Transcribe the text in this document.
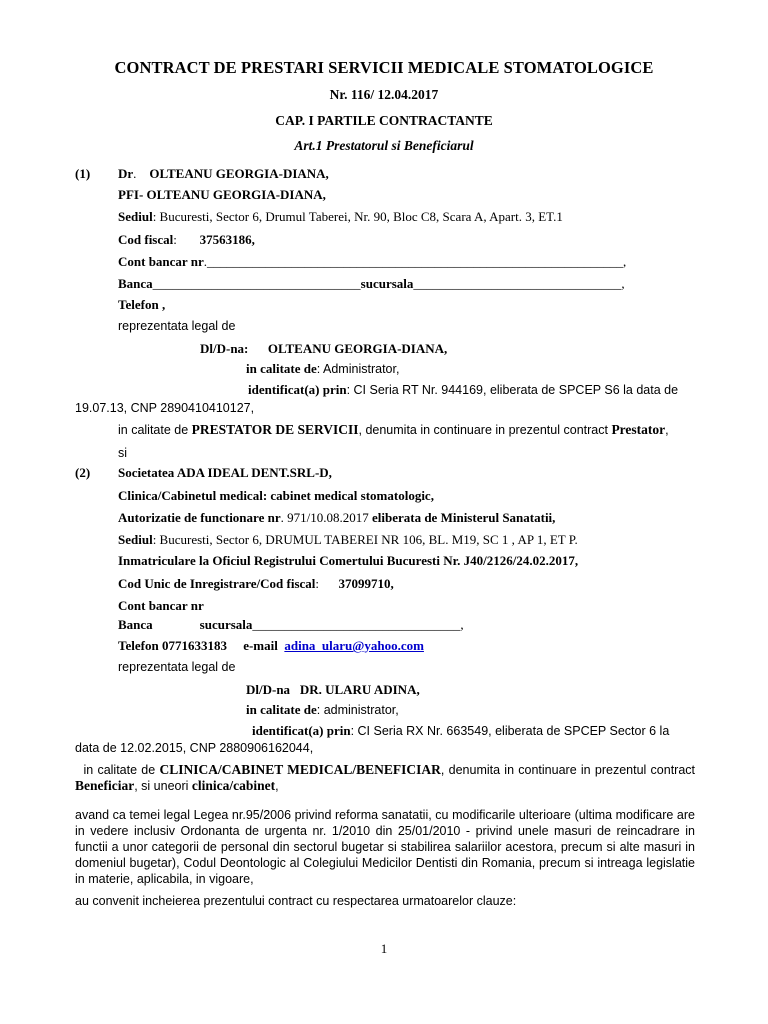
CONTRACT DE PRESTARI SERVICII MEDICALE STOMATOLOGICE
Nr. 116/ 12.04.2017
CAP. I PARTILE CONTRACTANTE
Art.1 Prestatorul si Beneficiarul
(1) Dr.    OLTEANU GEORGIA-DIANA,
PFI- OLTEANU GEORGIA-DIANA,
Sediul: Bucuresti, Sector 6, Drumul Taberei, Nr. 90, Bloc C8, Scara A, Apart. 3, ET.1
Cod fiscal:       37563186,
Cont bancar nr.________________________________________________________________,
Banca________________________________sucursala________________________________,
Telefon ,
reprezentata legal de
Dl/D-na: OLTEANU GEORGIA-DIANA,
in calitate de: Administrator,
identificat(a) prin: CI Seria RT Nr. 944169, eliberata de SPCEP S6 la data de
19.07.13, CNP 2890410410127,
in calitate de PRESTATOR DE SERVICII, denumita in continuare in prezentul contract Prestator,
si
(2) Societatea ADA IDEAL DENT.SRL-D,
Clinica/Cabinetul medical: cabinet medical stomatologic,
Autorizatie de functionare nr. 971/10.08.2017 eliberata de Ministerul Sanatatii,
Sediul: Bucuresti, Sector 6, DRUMUL TABEREI NR 106, BL. M19, SC 1 , AP 1, ET P.
Inmatriculare la Oficiul Registrului Comertului Bucuresti Nr. J40/2126/24.02.2017,
Cod Unic de Inregistrare/Cod fiscal:      37099710,
Cont bancar nr
Banca	sucursala________________________________,
Telefon 0771633183 e-mail adina_ularu@yahoo.com
reprezentata legal de
Dl/D-na DR. ULARU ADINA,
in calitate de: administrator,
identificat(a) prin: CI Seria RX Nr. 663549, eliberata de SPCEP Sector 6 la
data de 12.02.2015, CNP 2880906162044,
in calitate de CLINICA/CABINET MEDICAL/BENEFICIAR, denumita in continuare in prezentul contract Beneficiar, si uneori clinica/cabinet,
avand ca temei legal Legea nr.95/2006 privind reforma sanatatii, cu modificarile ulterioare (ultima modificare are in vedere inclusiv Ordonanta de urgenta nr. 1/2010 din 25/01/2010 - privind unele masuri de reincadrare in functii a unor categorii de personal din sectorul bugetar si stabilirea salariilor acestora, precum si alte masuri in domeniul bugetar), Codul Deontologic al Colegiului Medicilor Dentisti din Romania, precum si intreaga legislatie in materie, aplicabila, in vigoare,
au convenit incheierea prezentului contract cu respectarea urmatoarelor clauze:
1
